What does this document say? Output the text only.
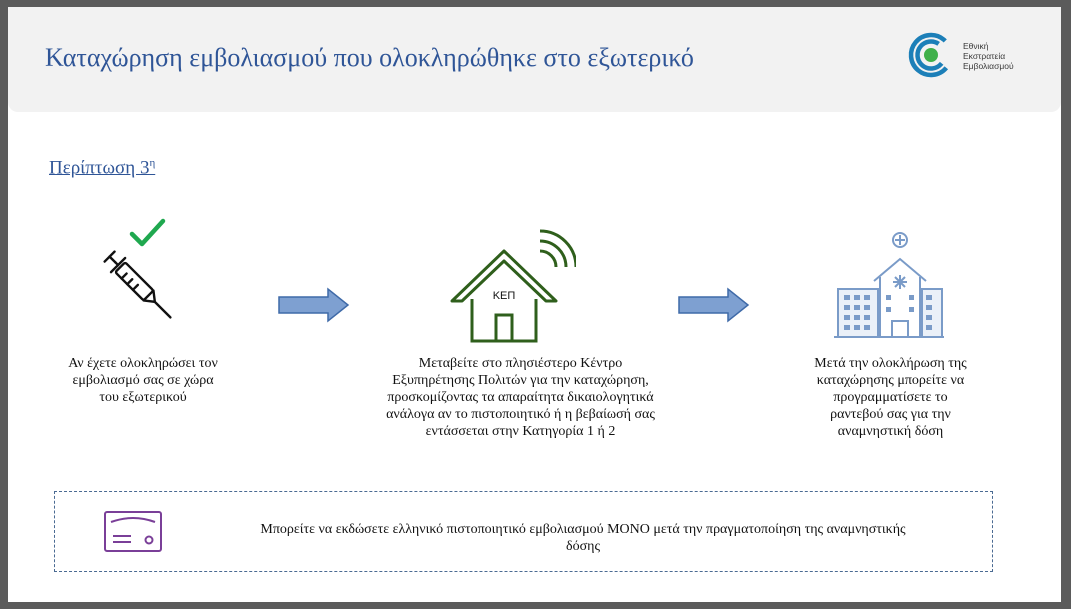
Καταχώρηση εμβολιασμού που ολοκληρώθηκε στο εξωτερικό	Εθνική
Εκστρατεία
Εμβολιασμού
Περίπτωση $3^\eta$
Αν έχετε ολοκληρώσει τον
εμβολιασμό σας σε χώρα
του εξωτερικού
ΚΕΠ
Μεταβείτε στο πλησιέστερο Κέντρο
Εξυπηρέτησης Πολιτών για την καταχώρηση,
προσκομίζοντας τα απαραίτητα δικαιολογητικά
ανάλογα αν το πιστοποιητικό ή η βεβαίωσή σας
εντάσσεται στην Κατηγορία 1 ή 2
Μετά την ολοκλήρωση της
καταχώρησης μπορείτε να
προγραμματίσετε το
ραντεβού σας για την
αναμνηστική δόση
Μπορείτε να εκδώσετε ελληνικό πιστοποιητικό εμβολιασμού ΜΟΝΟ μετά την πραγματοποίηση της αναμνηστικής
δόσης
